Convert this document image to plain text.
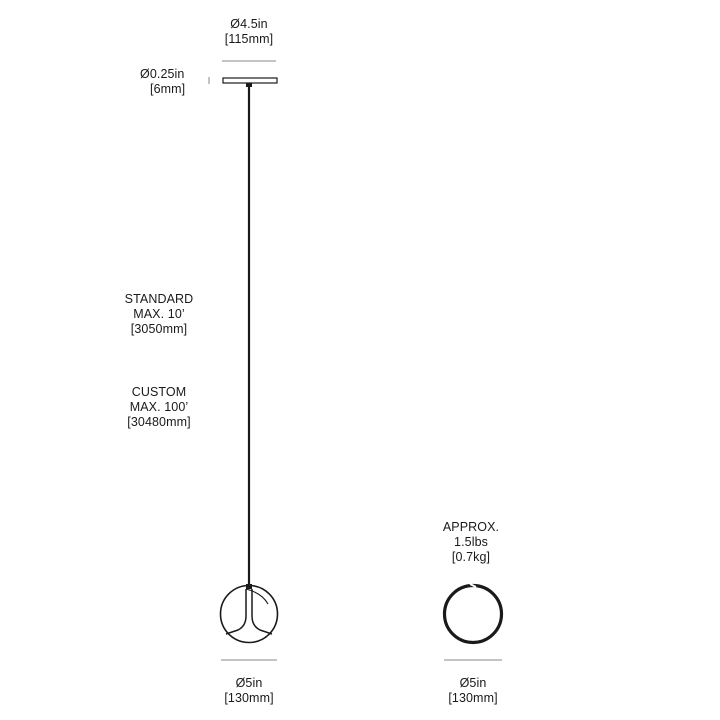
Ø4.5in
[115mm]
Ø0.25in
[6mm]
STANDARD
MAX. 10’
[3050mm]
CUSTOM
MAX. 100’
[30480mm]
APPROX.
1.5lbs
[0.7kg]
Ø5in
[130mm]
Ø5in
[130mm]
